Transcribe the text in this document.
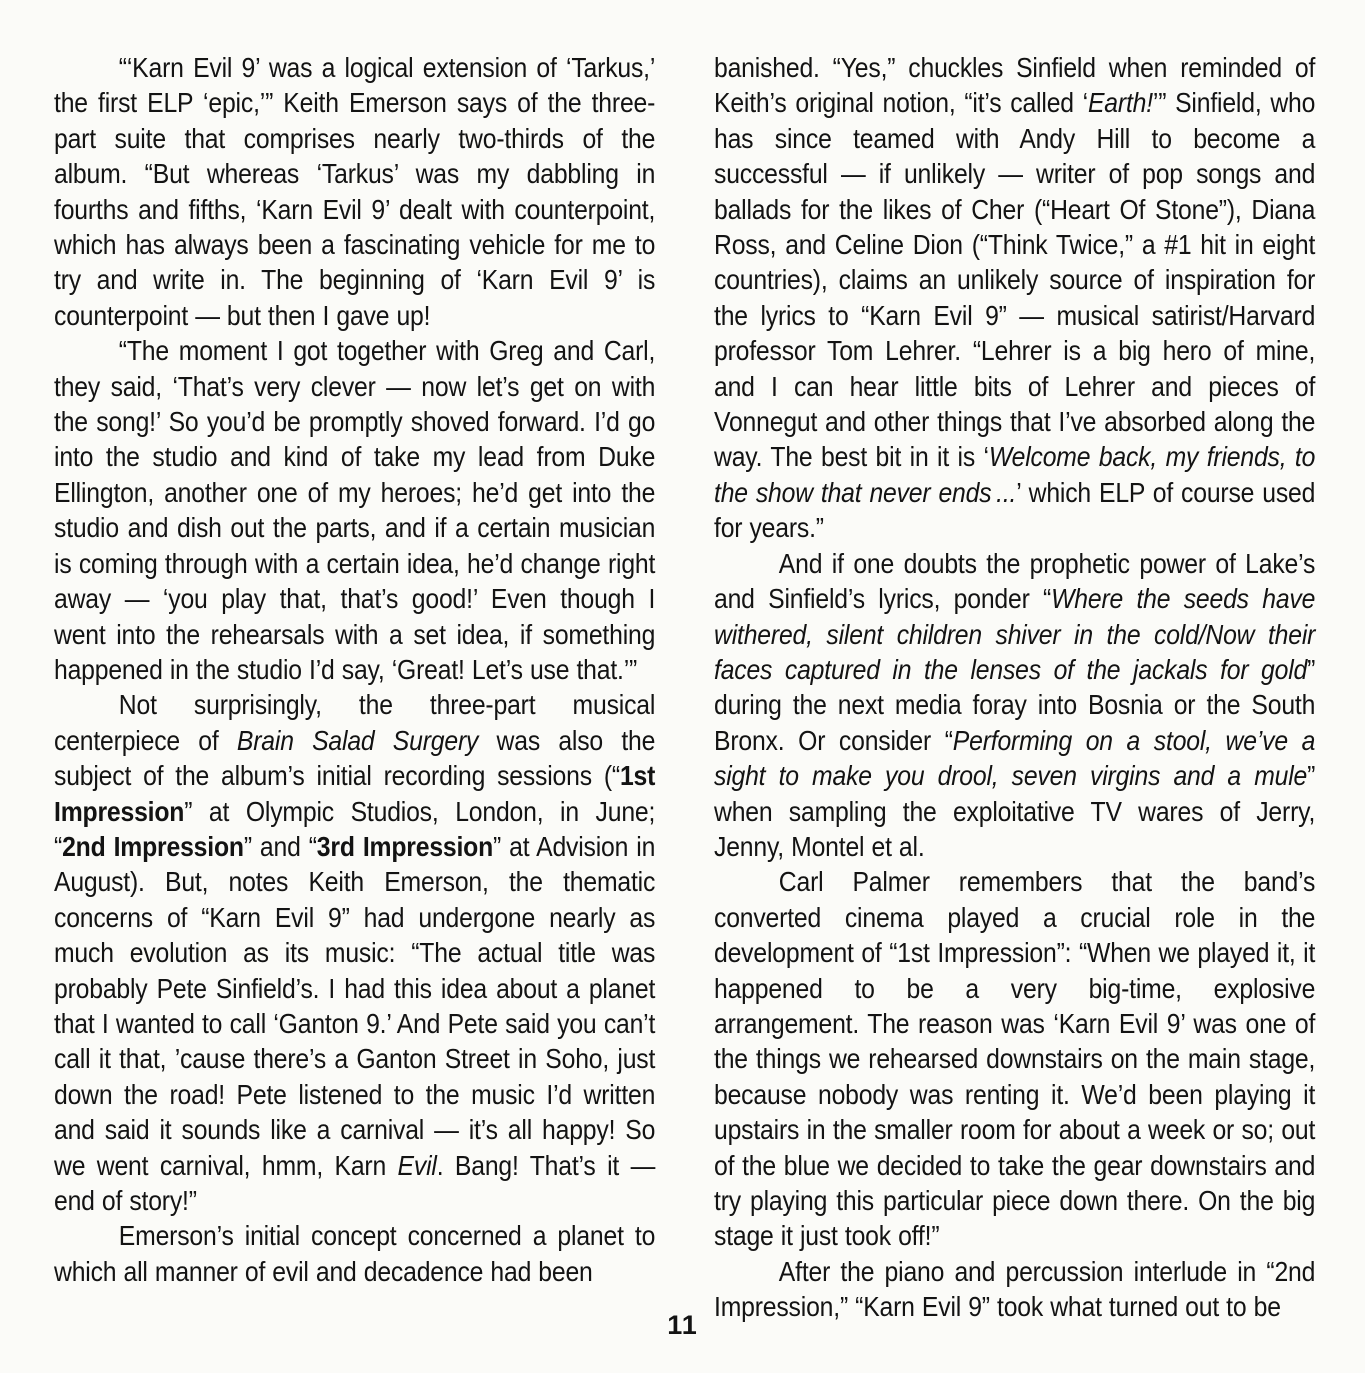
“‘Karn Evil 9’ was a logical extension of ‘Tarkus,’ the first ELP ‘epic,’” Keith Emerson says of the three-part suite that comprises nearly two-thirds of the album. “But whereas ‘Tarkus’ was my dabbling in fourths and fifths, ‘Karn Evil 9’ dealt with counterpoint, which has always been a fascinating vehicle for me to try and write in. The beginning of ‘Karn Evil 9’ is counterpoint — but then I gave up!

“The moment I got together with Greg and Carl, they said, ‘That’s very clever — now let’s get on with the song!’ So you’d be promptly shoved forward. I’d go into the studio and kind of take my lead from Duke Ellington, another one of my heroes; he’d get into the studio and dish out the parts, and if a certain musician is coming through with a certain idea, he’d change right away — ‘you play that, that’s good!’ Even though I went into the rehearsals with a set idea, if something happened in the studio I’d say, ‘Great! Let’s use that.’”

Not surprisingly, the three-part musical centerpiece of Brain Salad Surgery was also the subject of the album’s initial recording sessions (“1st Impression” at Olympic Studios, London, in June; “2nd Impression” and “3rd Impression” at Advision in August). But, notes Keith Emerson, the thematic concerns of “Karn Evil 9” had undergone nearly as much evolution as its music: “The actual title was probably Pete Sinfield’s. I had this idea about a planet that I wanted to call ‘Ganton 9.’ And Pete said you can’t call it that, ’cause there’s a Ganton Street in Soho, just down the road! Pete listened to the music I’d written and said it sounds like a carnival — it’s all happy! So we went carnival, hmm, Karn Evil. Bang! That’s it — end of story!”

Emerson’s initial concept concerned a planet to which all manner of evil and decadence had been

banished. “Yes,” chuckles Sinfield when reminded of Keith’s original notion, “it’s called ‘Earth!’” Sinfield, who has since teamed with Andy Hill to become a successful — if unlikely — writer of pop songs and ballads for the likes of Cher (“Heart Of Stone”), Diana Ross, and Celine Dion (“Think Twice,” a #1 hit in eight countries), claims an unlikely source of inspiration for the lyrics to “Karn Evil 9” — musical satirist/Harvard professor Tom Lehrer. “Lehrer is a big hero of mine, and I can hear little bits of Lehrer and pieces of Vonnegut and other things that I’ve absorbed along the way. The best bit in it is ‘Welcome back, my friends, to the show that never ends ...’ which ELP of course used for years.”

And if one doubts the prophetic power of Lake’s and Sinfield’s lyrics, ponder “Where the seeds have withered, silent children shiver in the cold/Now their faces captured in the lenses of the jackals for gold” during the next media foray into Bosnia or the South Bronx. Or consider “Performing on a stool, we’ve a sight to make you drool, seven virgins and a mule” when sampling the exploitative TV wares of Jerry, Jenny, Montel et al.

Carl Palmer remembers that the band’s converted cinema played a crucial role in the development of “1st Impression”: “When we played it, it happened to be a very big-time, explosive arrangement. The reason was ‘Karn Evil 9’ was one of the things we rehearsed downstairs on the main stage, because nobody was renting it. We’d been playing it upstairs in the smaller room for about a week or so; out of the blue we decided to take the gear downstairs and try playing this particular piece down there. On the big stage it just took off!”

After the piano and percussion interlude in “2nd Impression,” “Karn Evil 9” took what turned out to be

11
